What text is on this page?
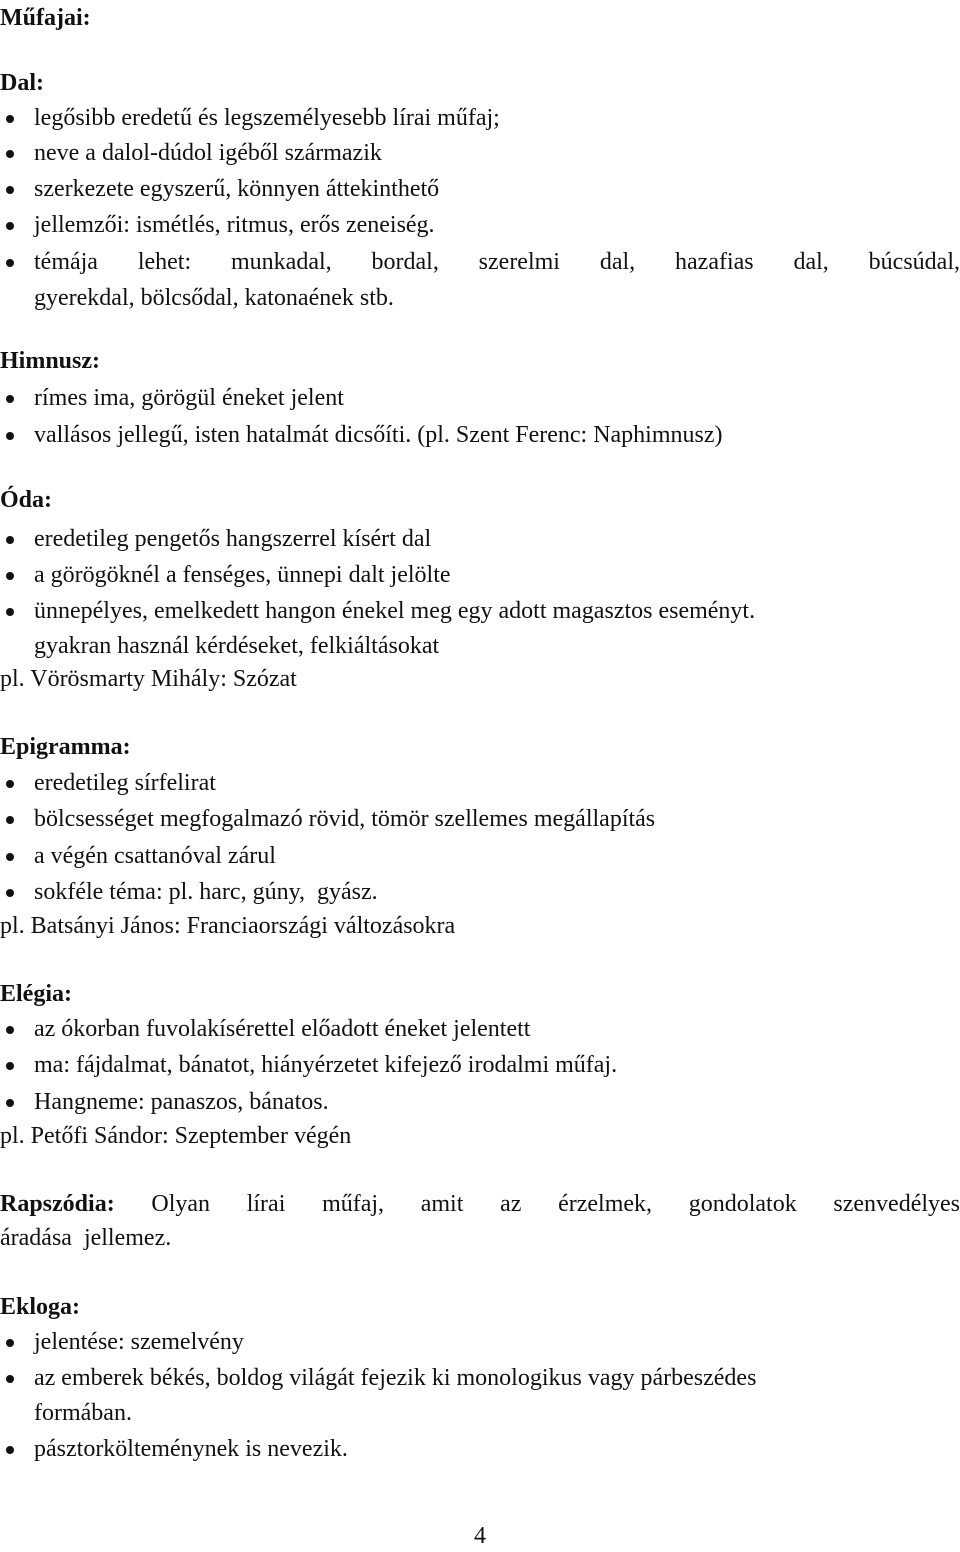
Műfajai:
Dal:
legősibb eredetű és legszemélyesebb lírai műfaj;
neve a dalol-dúdol igéből származik
szerkezete egyszerű, könnyen áttekinthető
jellemzői: ismétlés, ritmus, erős zeneiség.
témája lehet: munkadal, bordal, szerelmi dal, hazafias dal, búcsúdal,
gyerekdal, bölcsődal, katonaének stb.
Himnusz:
rímes ima, görögül éneket jelent
vallásos jellegű, isten hatalmát dicsőíti. (pl. Szent Ferenc: Naphimnusz)
Óda:
eredetileg pengetős hangszerrel kísért dal
a görögöknél a fenséges, ünnepi dalt jelölte
ünnepélyes, emelkedett hangon énekel meg egy adott magasztos eseményt.
gyakran használ kérdéseket, felkiáltásokat
pl. Vörösmarty Mihály: Szózat
Epigramma:
eredetileg sírfelirat
bölcsességet megfogalmazó rövid, tömör szellemes megállapítás
a végén csattanóval zárul
sokféle téma: pl. harc, gúny,  gyász.
pl. Batsányi János: Franciaországi változásokra
Elégia:
az ókorban fuvolakísérettel előadott éneket jelentett
ma: fájdalmat, bánatot, hiányérzetet kifejező irodalmi műfaj.
Hangneme: panaszos, bánatos.
pl. Petőfi Sándor: Szeptember végén
Rapszódia: Olyan lírai műfaj, amit az érzelmek, gondolatok szenvedélyes
áradása  jellemez.
Ekloga:
jelentése: szemelvény
az emberek békés, boldog világát fejezik ki monologikus vagy párbeszédes
formában.
pásztorkölteménynek is nevezik.
4
